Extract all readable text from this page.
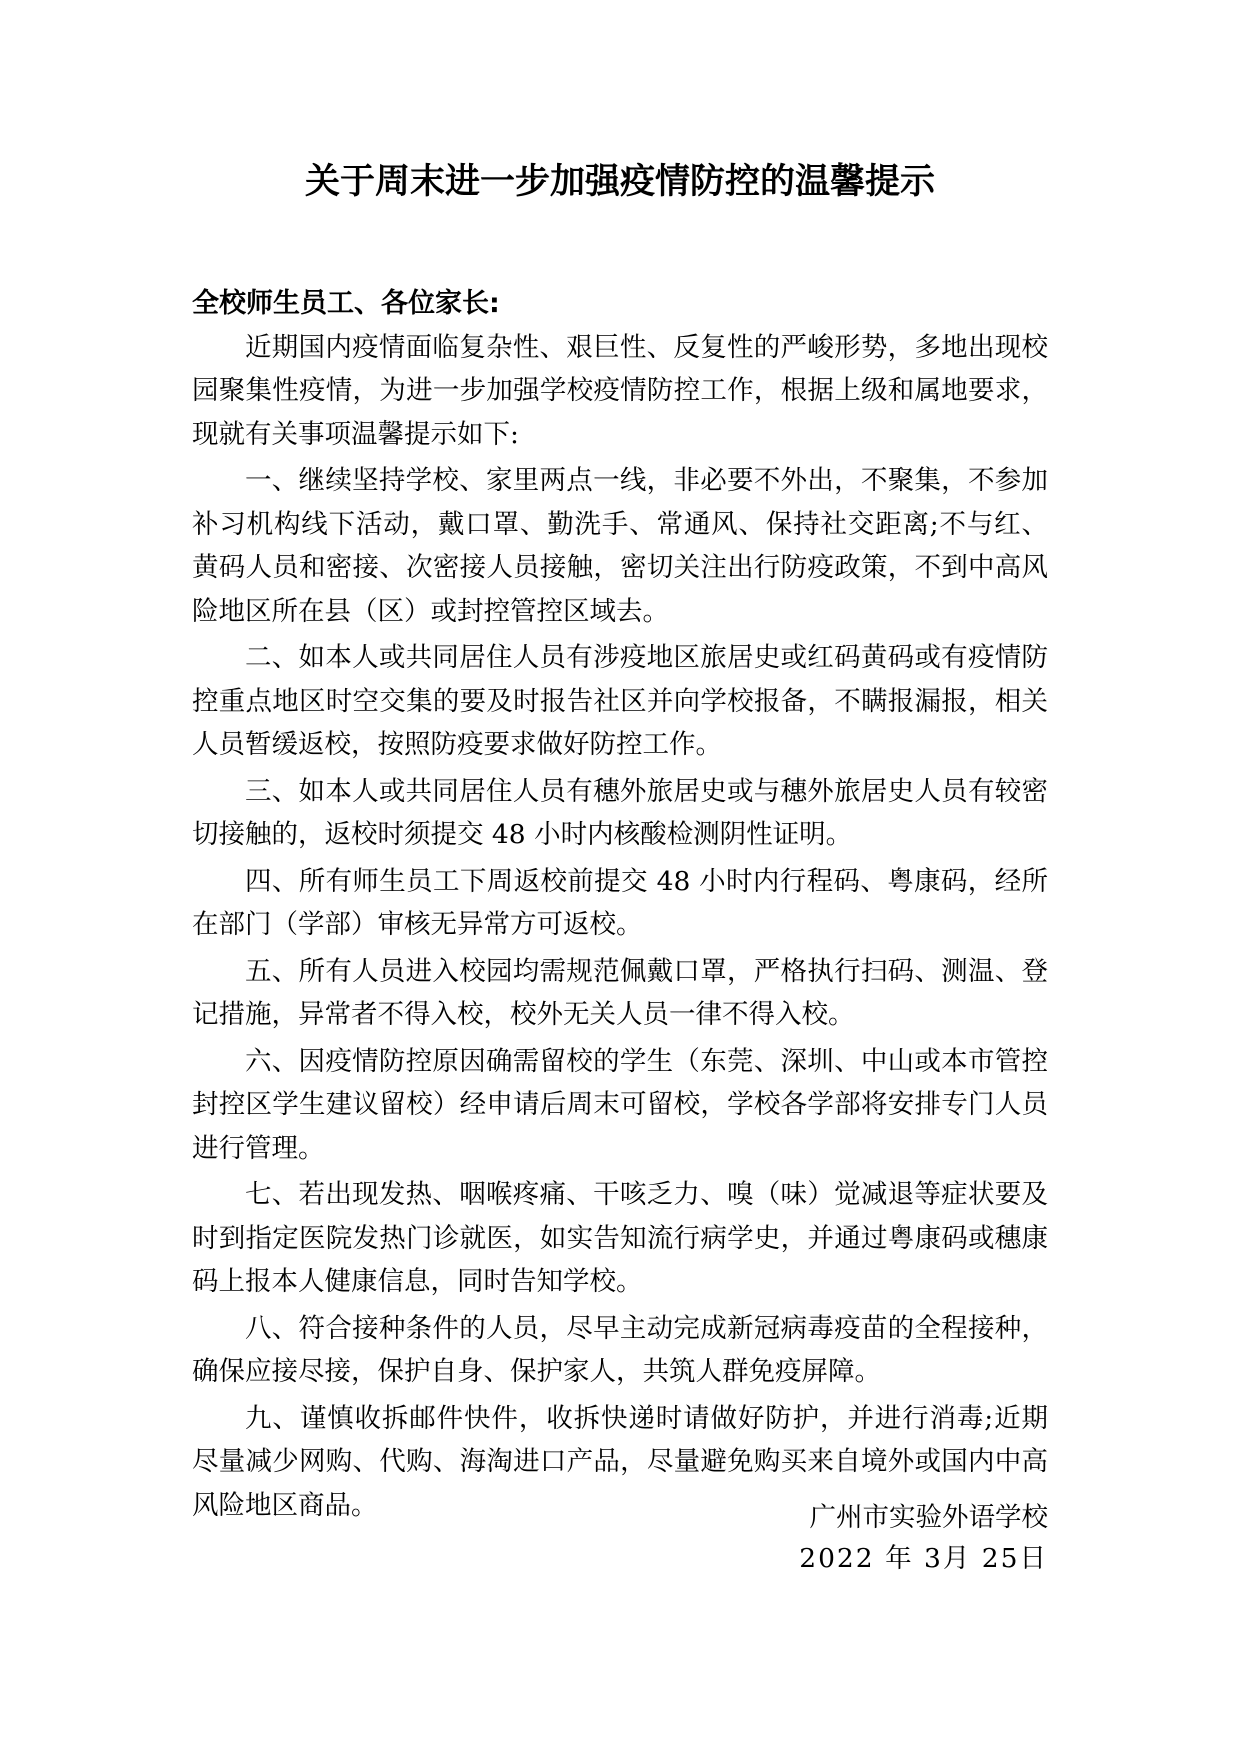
关于周末进一步加强疫情防控的温馨提示

全校师生员工、各位家长:

近期国内疫情面临复杂性、艰巨性、反复性的严峻形势，多地出现校园聚集性疫情，为进一步加强学校疫情防控工作，根据上级和属地要求，现就有关事项温馨提示如下:

一、继续坚持学校、家里两点一线，非必要不外出，不聚集，不参加补习机构线下活动，戴口罩、勤洗手、常通风、保持社交距离;不与红、黄码人员和密接、次密接人员接触，密切关注出行防疫政策，不到中高风险地区所在县（区）或封控管控区域去。

二、如本人或共同居住人员有涉疫地区旅居史或红码黄码或有疫情防控重点地区时空交集的要及时报告社区并向学校报备，不瞒报漏报，相关人员暂缓返校，按照防疫要求做好防控工作。

三、如本人或共同居住人员有穗外旅居史或与穗外旅居史人员有较密切接触的，返校时须提交 48 小时内核酸检测阴性证明。

四、所有师生员工下周返校前提交 48 小时内行程码、粤康码，经所在部门（学部）审核无异常方可返校。

五、所有人员进入校园均需规范佩戴口罩，严格执行扫码、测温、登记措施，异常者不得入校，校外无关人员一律不得入校。

六、因疫情防控原因确需留校的学生（东莞、深圳、中山或本市管控封控区学生建议留校）经申请后周末可留校，学校各学部将安排专门人员进行管理。

七、若出现发热、咽喉疼痛、干咳乏力、嗅（味）觉减退等症状要及时到指定医院发热门诊就医，如实告知流行病学史，并通过粤康码或穗康码上报本人健康信息，同时告知学校。

八、符合接种条件的人员，尽早主动完成新冠病毒疫苗的全程接种，确保应接尽接，保护自身、保护家人，共筑人群免疫屏障。

九、谨慎收拆邮件快件，收拆快递时请做好防护，并进行消毒;近期尽量减少网购、代购、海淘进口产品，尽量避免购买来自境外或国内中高风险地区商品。	广州市实验外语学校
2022 年 3月 25日
